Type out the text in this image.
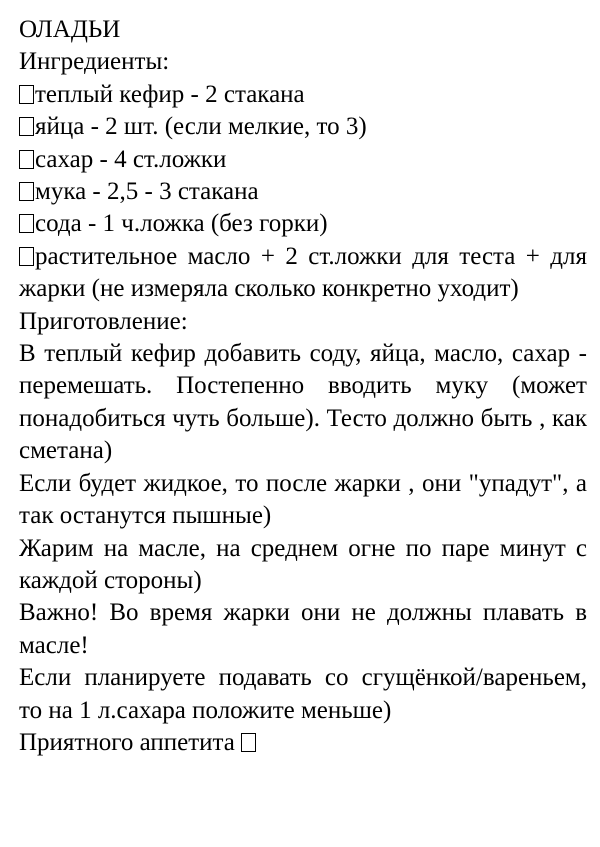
ОЛАДЬИ
Ингредиенты:
теплый кефир - 2 стакана
яйца - 2 шт. (если мелкие, то 3)
сахар - 4 ст.ложки
мука - 2,5 - 3 стакана
сода - 1 ч.ложка (без горки)
растительное масло + 2 ст.ложки для теста + для жарки (не измеряла сколько конкретно уходит)
Приготовление:
В теплый кефир добавить соду, яйца, масло, сахар - перемешать. Постепенно вводить муку (может понадобиться чуть больше). Тесто должно быть , как сметана)
Если будет жидкое, то после жарки , они "упадут", а так останутся пышные)
Жарим на масле, на среднем огне по паре минут с каждой стороны)
Важно! Во время жарки они не должны плавать в масле!
Если планируете подавать со сгущёнкой/вареньем, то на 1 л.сахара положите меньше)
Приятного аппетита
